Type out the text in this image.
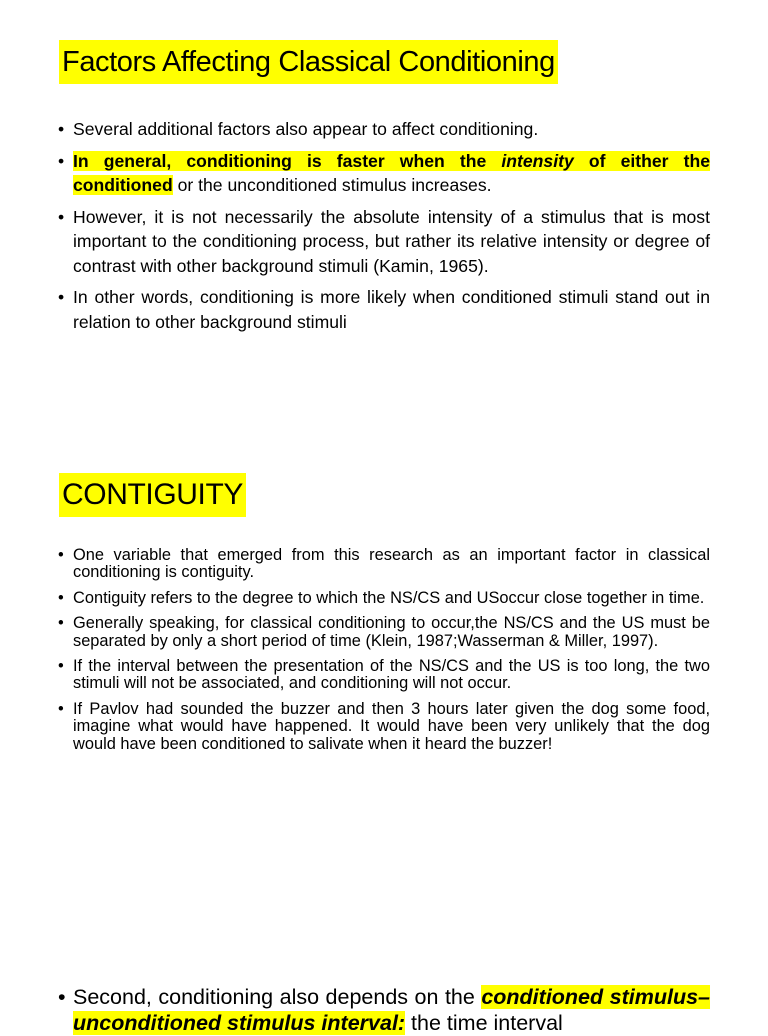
Factors Affecting Classical Conditioning
• Several additional factors also appear to affect conditioning.
• In general, conditioning is faster when the intensity of either the conditioned or the unconditioned stimulus increases.
• However, it is not necessarily the absolute intensity of a stimulus that is most important to the conditioning process, but rather its relative intensity or degree of contrast with other background stimuli (Kamin, 1965).
• In other words, conditioning is more likely when conditioned stimuli stand out in relation to other background stimuli
CONTIGUITY
• One variable that emerged from this research as an important factor in classical conditioning is contiguity.
• Contiguity refers to the degree to which the NS/CS and USoccur close together in time.
• Generally speaking, for classical conditioning to occur,the NS/CS and the US must be separated by only a short period of time (Klein, 1987;Wasserman & Miller, 1997).
• If the interval between the presentation of the NS/CS and the US is too long, the two stimuli will not be associated, and conditioning will not occur.
• If Pavlov had sounded the buzzer and then 3 hours later given the dog some food, imagine what would have happened. It would have been very unlikely that the dog would have been conditioned to salivate when it heard the buzzer!
• Second, conditioning also depends on the conditioned stimulus–unconditioned stimulus interval: the time interval
